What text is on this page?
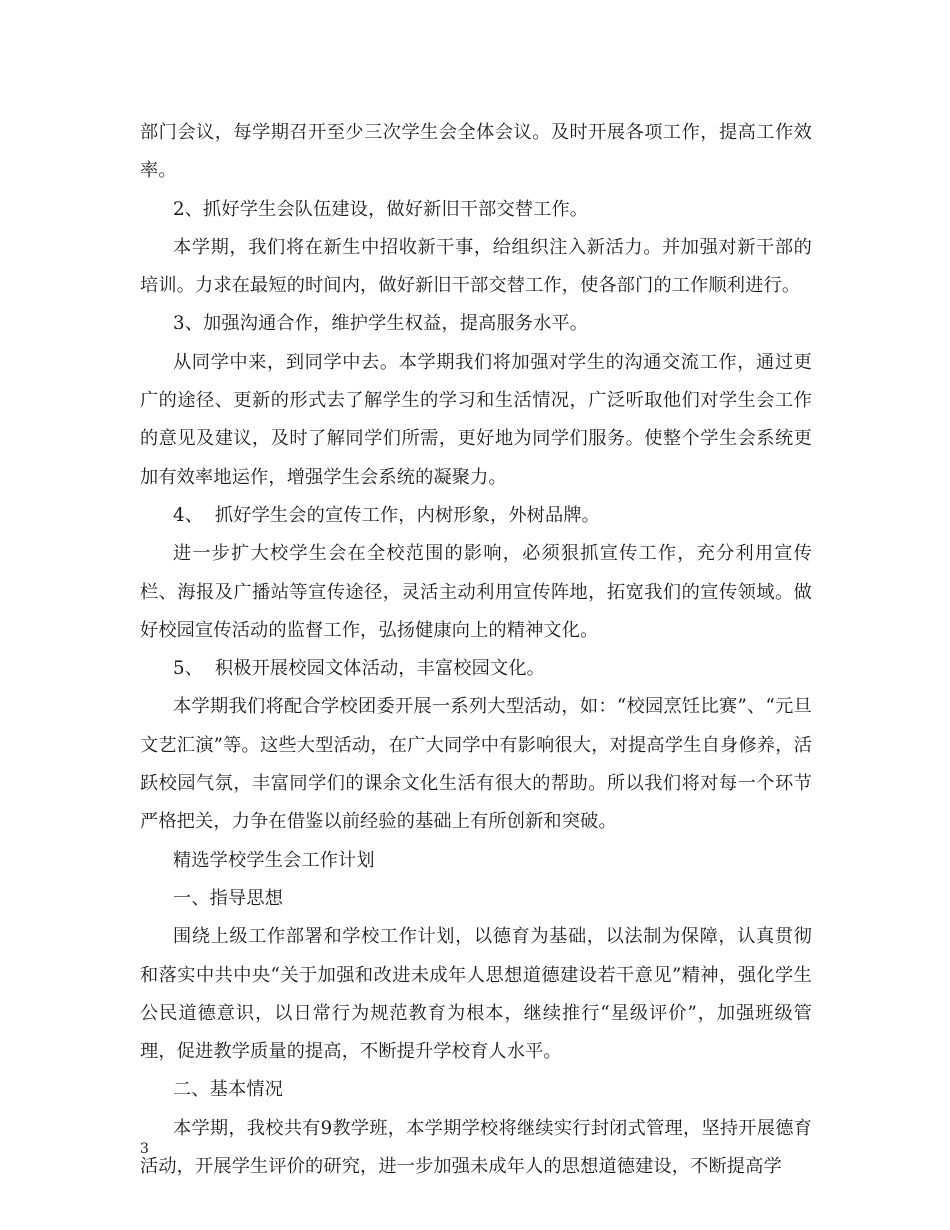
部门会议，每学期召开至少三次学生会全体会议。及时开展各项工作，提高工作效率。

2、抓好学生会队伍建设，做好新旧干部交替工作。

本学期，我们将在新生中招收新干事，给组织注入新活力。并加强对新干部的培训。力求在最短的时间内，做好新旧干部交替工作，使各部门的工作顺利进行。

3、加强沟通合作，维护学生权益，提高服务水平。

从同学中来，到同学中去。本学期我们将加强对学生的沟通交流工作，通过更广的途径、更新的形式去了解学生的学习和生活情况，广泛听取他们对学生会工作的意见及建议，及时了解同学们所需，更好地为同学们服务。使整个学生会系统更加有效率地运作，增强学生会系统的凝聚力。

4、  抓好学生会的宣传工作，内树形象，外树品牌。

进一步扩大校学生会在全校范围的影响，必须狠抓宣传工作，充分利用宣传栏、海报及广播站等宣传途径，灵活主动利用宣传阵地，拓宽我们的宣传领域。做好校园宣传活动的监督工作，弘扬健康向上的精神文化。

5、  积极开展校园文体活动，丰富校园文化。

本学期我们将配合学校团委开展一系列大型活动，如：“校园烹饪比赛”、“元旦文艺汇演”等。这些大型活动，在广大同学中有影响很大，对提高学生自身修养，活跃校园气氛，丰富同学们的课余文化生活有很大的帮助。所以我们将对每一个环节严格把关，力争在借鉴以前经验的基础上有所创新和突破。

精选学校学生会工作计划

一、指导思想

围绕上级工作部署和学校工作计划，以德育为基础，以法制为保障，认真贯彻和落实中共中央“关于加强和改进未成年人思想道德建设若干意见”精神，强化学生公民道德意识，以日常行为规范教育为根本，继续推行“星级评价”，加强班级管理，促进教学质量的提高，不断提升学校育人水平。

二、基本情况

本学期，我校共有9教学班，本学期学校将继续实行封闭式管理，坚持开展德育活动，开展学生评价的研究，进一步加强未成年人的思想道德建设，不断提高学

3
